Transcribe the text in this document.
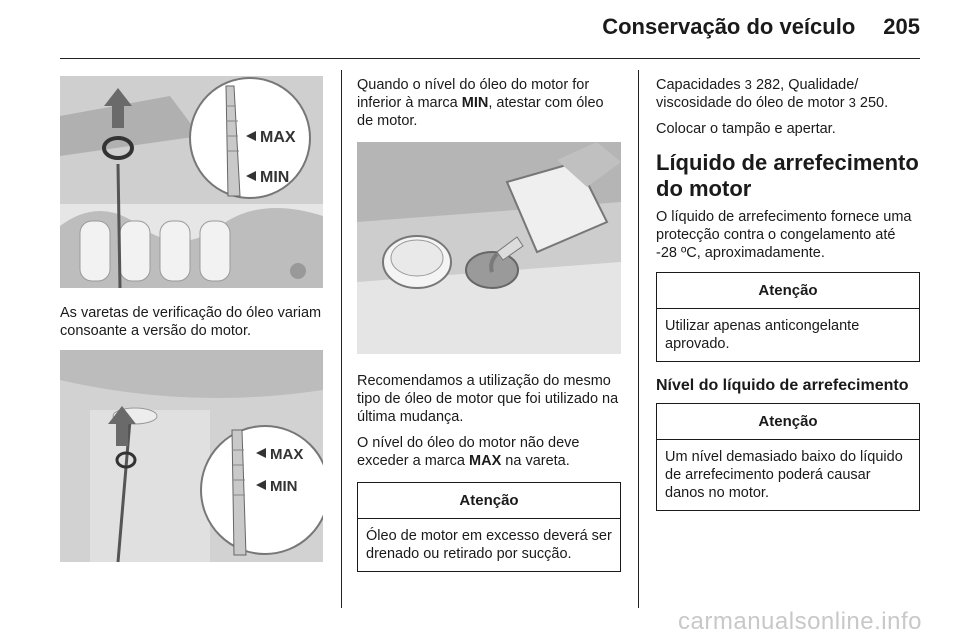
Conservação do veículo 205
MAX
MIN

As varetas de verificação do óleo variam consoante a versão do motor.

MAX
MIN

Quando o nível do óleo do motor for inferior à marca MIN, atestar com óleo de motor.

Recomendamos a utilização do mesmo tipo de óleo de motor que foi utilizado na última mudança.

O nível do óleo do motor não deve exceder a marca MAX na vareta.

Atenção
Óleo de motor em excesso deverá ser drenado ou retirado por sucção.

Capacidades 3 282, Qualidade/ viscosidade do óleo de motor 3 250.

Colocar o tampão e apertar.

Líquido de arrefecimento do motor

O líquido de arrefecimento fornece uma protecção contra o congelamento até -28 ºC, aproximadamente.

Atenção
Utilizar apenas anticongelante aprovado.
Nível do líquido de arrefecimento
Atenção
Um nível demasiado baixo do líquido de arrefecimento poderá causar danos no motor.
carmanualsonline.info
